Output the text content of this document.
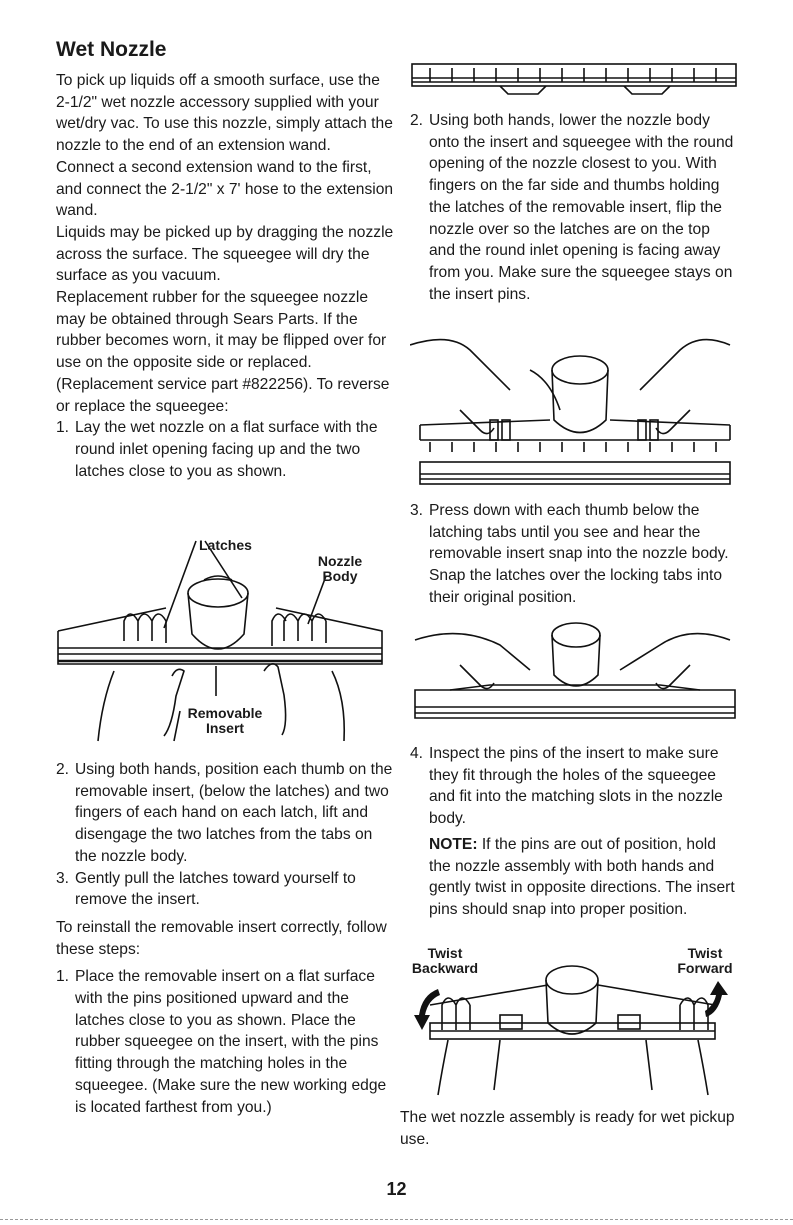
Wet Nozzle

To pick up liquids off a smooth surface, use the 2-1/2" wet nozzle accessory supplied with your wet/dry vac. To use this nozzle, simply attach the nozzle to the end of an extension wand.

Connect a second extension wand to the first, and connect the 2-1/2" x 7' hose to the extension wand.

Liquids may be picked up by dragging the nozzle across the surface. The squeegee will dry the surface as you vacuum.

Replacement rubber for the squeegee nozzle may be obtained through Sears Parts. If the rubber becomes worn, it may be flipped over for use on the opposite side or replaced. (Replacement service part #822256). To reverse or replace the squeegee:

1. Lay the wet nozzle on a flat surface with the round inlet opening facing up and the two latches close to you as shown.
Latches
Nozzle Body
Removable Insert
2. Using both hands, position each thumb on the removable insert, (below the latches) and two fingers of each hand on each latch, lift and disengage the two latches from the tabs on the nozzle body.
3. Gently pull the latches toward yourself to remove the insert.

To reinstall the removable insert correctly, follow these steps:

1. Place the removable insert on a flat surface with the pins positioned upward and the latches close to you as shown. Place the rubber squeegee on the insert, with the pins fitting through the matching holes in the squeegee. (Make sure the new working edge is located farthest from you.)
2. Using both hands, lower the nozzle body onto the insert and squeegee with the round opening of the nozzle closest to you. With fingers on the far side and thumbs holding the latches of the removable insert, flip the nozzle over so the latches are on the top and the round inlet opening is facing away from you. Make sure the squeegee stays on the insert pins.
3. Press down with each thumb below the latching tabs until you see and hear the removable insert snap into the nozzle body. Snap the latches over the locking tabs into their original position.
4. Inspect the pins of the insert to make sure they fit through the holes of the squeegee and fit into the matching slots in the nozzle body.
NOTE: If the pins are out of position, hold the nozzle assembly with both hands and gently twist in opposite directions. The insert pins should snap into proper position.
Twist Backward
Twist Forward

The wet nozzle assembly is ready for wet pickup use.

12
